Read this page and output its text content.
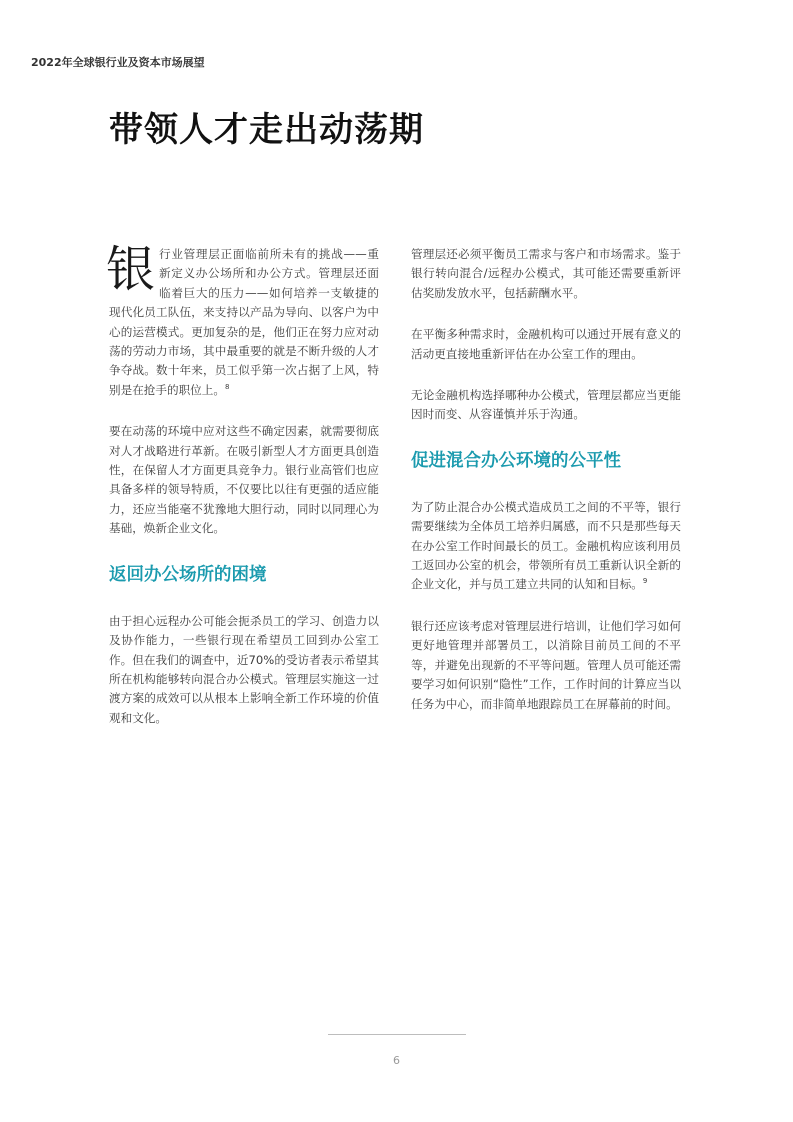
2022年全球银行业及资本市场展望
带领人才走出动荡期

银行业管理层正面临前所未有的挑战——重新定义办公场所和办公方式。管理层还面临着巨大的压力——如何培养一支敏捷的现代化员工队伍，来支持以产品为导向、以客户为中心的运营模式。更加复杂的是，他们正在努力应对动荡的劳动力市场，其中最重要的就是不断升级的人才争夺战。数十年来，员工似乎第一次占据了上风，特别是在抢手的职位上。$^8$

要在动荡的环境中应对这些不确定因素，就需要彻底对人才战略进行革新。在吸引新型人才方面更具创造性，在保留人才方面更具竞争力。银行业高管们也应具备多样的领导特质，不仅要比以往有更强的适应能力，还应当能毫不犹豫地大胆行动，同时以同理心为基础，焕新企业文化。

返回办公场所的困境

由于担心远程办公可能会扼杀员工的学习、创造力以及协作能力，一些银行现在希望员工回到办公室工作。但在我们的调查中，近70%的受访者表示希望其所在机构能够转向混合办公模式。管理层实施这一过渡方案的成效可以从根本上影响全新工作环境的价值观和文化。

管理层还必须平衡员工需求与客户和市场需求。鉴于银行转向混合/远程办公模式，其可能还需要重新评估奖励发放水平，包括薪酬水平。

在平衡多种需求时，金融机构可以通过开展有意义的活动更直接地重新评估在办公室工作的理由。

无论金融机构选择哪种办公模式，管理层都应当更能因时而变、从容谨慎并乐于沟通。

促进混合办公环境的公平性

为了防止混合办公模式造成员工之间的不平等，银行需要继续为全体员工培养归属感，而不只是那些每天在办公室工作时间最长的员工。金融机构应该利用员工返回办公室的机会，带领所有员工重新认识全新的企业文化，并与员工建立共同的认知和目标。$^9$

银行还应该考虑对管理层进行培训，让他们学习如何更好地管理并部署员工，以消除目前员工间的不平等，并避免出现新的不平等问题。管理人员可能还需要学习如何识别“隐性”工作，工作时间的计算应当以任务为中心，而非简单地跟踪员工在屏幕前的时间。

6
